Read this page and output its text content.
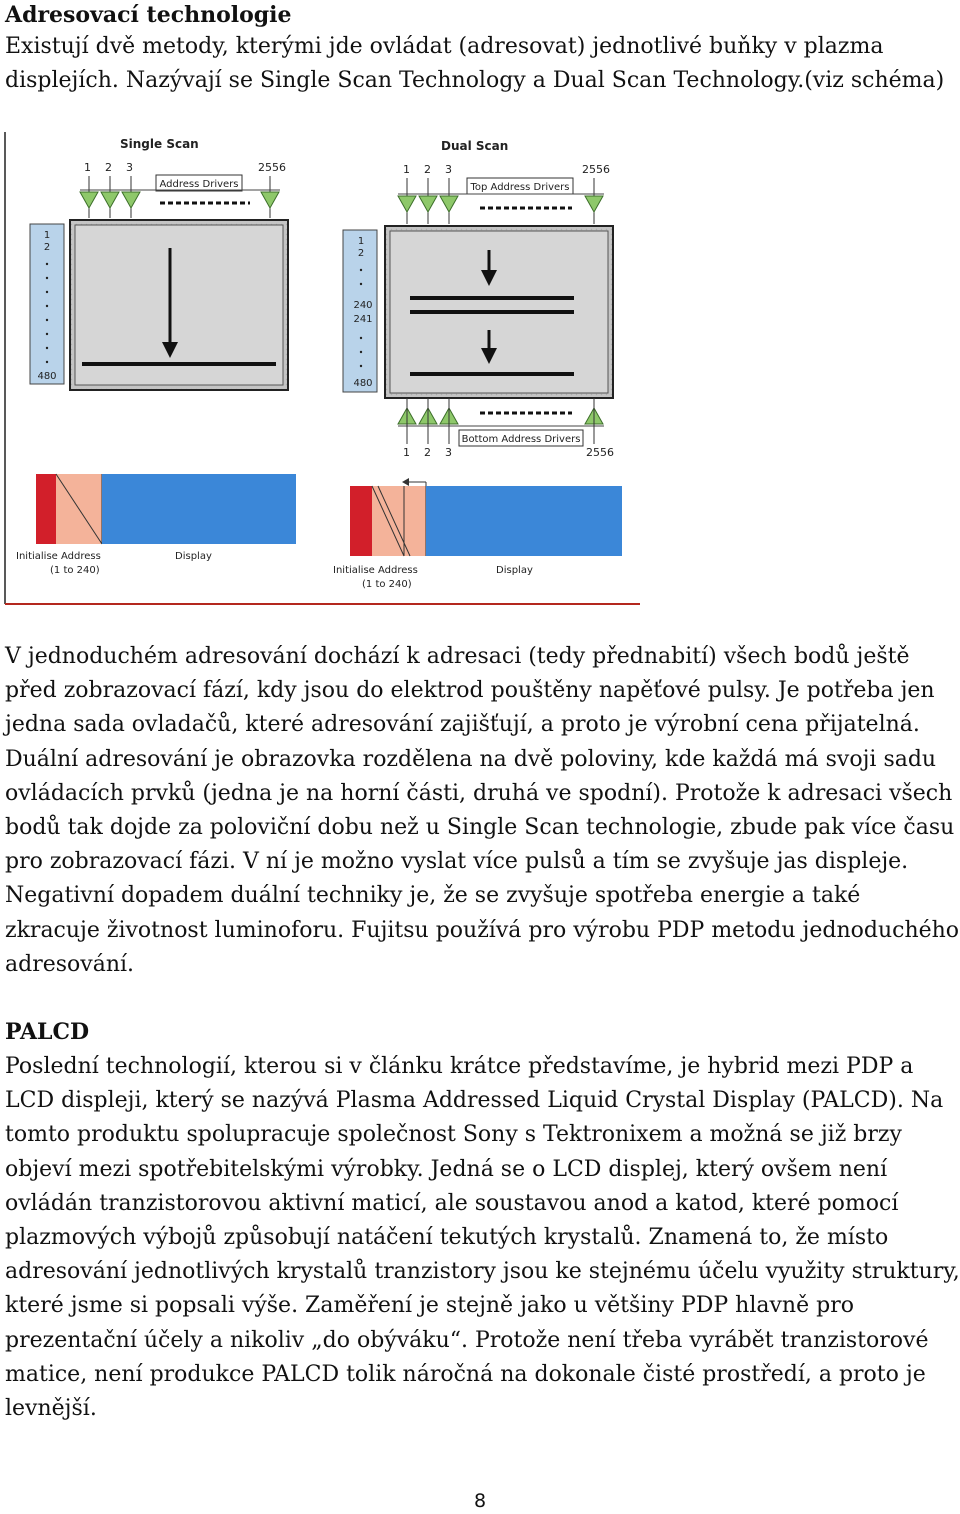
Adresovací technologie
Existují dvě metody, kterými jde ovládat (adresovat) jednotlivé buňky v plazma displejích. Nazývají se Single Scan Technology a Dual Scan Technology.(viz schéma)
Single Scan
1 2 3	2556
Address Drivers
1
2
480
Initialise Address
(1 to 240)
Display
Dual Scan
1 2 3	2556
Top Address Drivers
1
2
240
241
480
Bottom Address Drivers
1 2 3	2556
Initialise Address
(1 to 240)
Display
V jednoduchém adresování dochází k adresaci (tedy přednabití) všech bodů ještě před zobrazovací fází, kdy jsou do elektrod pouštěny napěťové pulsy. Je potřeba jen jedna sada ovladačů, které adresování zajišťují, a proto je výrobní cena přijatelná. Duální adresování je obrazovka rozdělena na dvě poloviny, kde každá má svoji sadu ovládacích prvků (jedna je na horní části, druhá ve spodní). Protože k adresaci všech bodů tak dojde za poloviční dobu než u Single Scan technologie, zbude pak více času pro zobrazovací fázi. V ní je možno vyslat více pulsů a tím se zvyšuje jas displeje. Negativní dopadem duální techniky je, že se zvyšuje spotřeba energie a také zkracuje životnost luminoforu. Fujitsu používá pro výrobu PDP metodu jednoduchého adresování.
PALCD
Poslední technologií, kterou si v článku krátce představíme, je hybrid mezi PDP a LCD displeji, který se nazývá Plasma Addressed Liquid Crystal Display (PALCD). Na tomto produktu spolupracuje společnost Sony s Tektronixem a možná se již brzy objeví mezi spotřebitelskými výrobky. Jedná se o LCD displej, který ovšem není ovládán tranzistorovou aktivní maticí, ale soustavou anod a katod, které pomocí plazmových výbojů způsobují natáčení tekutých krystalů. Znamená to, že místo adresování jednotlivých krystalů tranzistory jsou ke stejnému účelu využity struktury, které jsme si popsali výše. Zaměření je stejně jako u většiny PDP hlavně pro prezentační účely a nikoliv „do obýváku“. Protože není třeba vyrábět tranzistorové matice, není produkce PALCD tolik náročná na dokonale čisté prostředí, a proto je levnější.
8
